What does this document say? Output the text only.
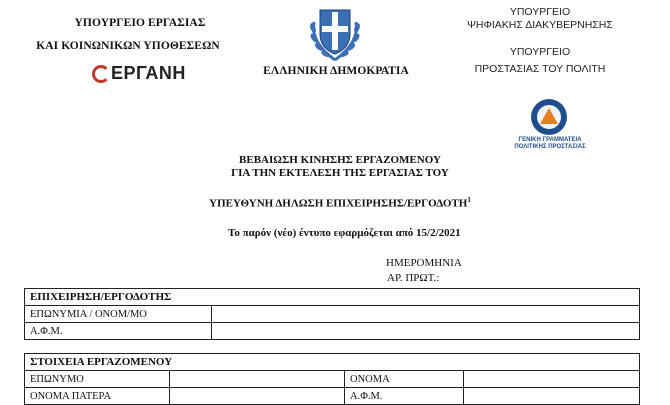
ΥΠΟΥΡΓΕΙΟ ΕΡΓΑΣΙΑΣ
ΚΑΙ ΚΟΙΝΩΝΙΚΩΝ ΥΠΟΘΕΣΕΩΝ
ΕΡΓΑΝΗ	ΕΛΛΗΝΙΚΗ ΔΗΜΟΚΡΑΤΙΑ
ΥΠΟΥΡΓΕΙΟ
ΨΗΦΙΑΚΗΣ ΔΙΑΚΥΒΕΡΝΗΣΗΣ
ΥΠΟΥΡΓΕΙΟ
ΠΡΟΣΤΑΣΙΑΣ ΤΟΥ ΠΟΛΙΤΗ
ΟΛΙΤΙΚΗ ΠΡΟΣΤΑΣΙΑ • ΕΛΛΑ
ΓΕΝΙΚΗ ΓΡΑΜΜΑΤΕΙΑ
ΠΟΛΙΤΙΚΗΣ ΠΡΟΣΤΑΣΙΑΣ
ΒΕΒΑΙΩΣΗ ΚΙΝΗΣΗΣ ΕΡΓΑΖΟΜΕΝΟΥ
ΓΙΑ ΤΗΝ ΕΚΤΕΛΕΣΗ ΤΗΣ ΕΡΓΑΣΙΑΣ ΤΟΥ
ΥΠΕΥΘΥΝΗ ΔΗΛΩΣΗ ΕΠΙΧΕΙΡΗΣΗΣ/ΕΡΓΟΔΟΤΗ$^1$
Το παρόν (νέο) έντυπο εφαρμόζεται από 15/2/2021
ΗΜΕΡΟΜΗΝΙΑ
ΑΡ. ΠΡΩΤ.:
ΕΠΙΧΕΙΡΗΣΗ/ΕΡΓΟΔΟΤΗΣ	
ΕΠΩΝΥΜΙΑ / ΟΝΟΜ/ΜΟ	
Α.Φ.Μ.	
ΣΤΟΙΧΕΙΑ ΕΡΓΑΖΟΜΕΝΟΥ			
ΕΠΩΝΥΜΟ		ΟΝΟΜΑ	
ΟΝΟΜΑ ΠΑΤΕΡΑ		Α.Φ.Μ.	
